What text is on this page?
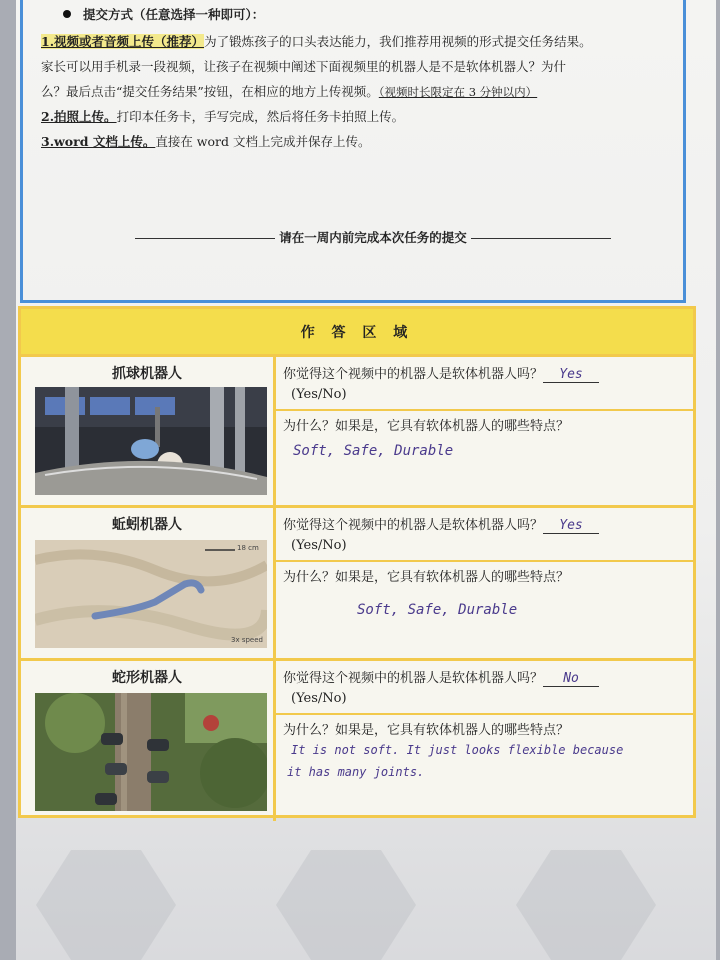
提交方式（任意选择一种即可）：
1.视频或者音频上传（推荐）为了锻炼孩子的口头表达能力，我们推荐用视频的形式提交任务结果。
家长可以用手机录一段视频，让孩子在视频中阐述下面视频里的机器人是不是软体机器人？为什
么？最后点击“提交任务结果”按钮，在相应的地方上传视频。（视频时长限定在 3 分钟以内）
2.拍照上传。打印本任务卡，手写完成，然后将任务卡拍照上传。
3.word 文档上传。直接在 word 文档上完成并保存上传。
请在一周内前完成本次任务的提交
作 答 区 域
抓球机器人	你觉得这个视频中的机器人是软体机器人吗？ Yes
(Yes/No)
为什么？如果是，它具有软体机器人的哪些特点？
Soft, Safe, Durable
蚯蚓机器人
18 cm
3x speed
你觉得这个视频中的机器人是软体机器人吗？ Yes
(Yes/No)
为什么？如果是，它具有软体机器人的哪些特点？
Soft, Safe, Durable
蛇形机器人	你觉得这个视频中的机器人是软体机器人吗？ No
(Yes/No)
为什么？如果是，它具有软体机器人的哪些特点？
It is not soft. It just looks flexible because
it has many joints.
